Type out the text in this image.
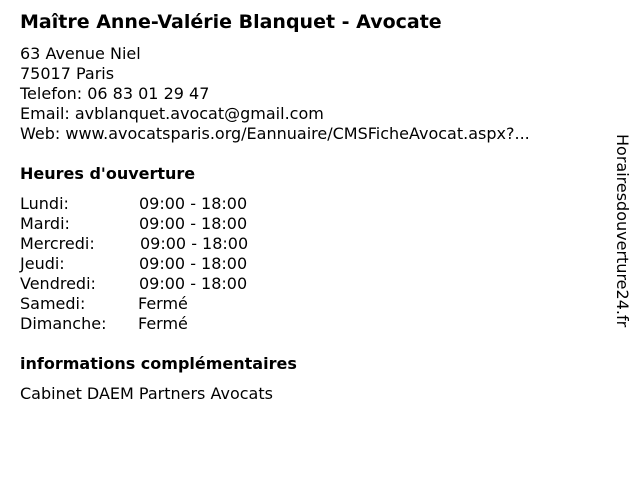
Maître Anne-Valérie Blanquet - Avocate
63 Avenue Niel
75017 Paris
Telefon: 06 83 01 29 47
Email: avblanquet.avocat@gmail.com
Web: www.avocatsparis.org/Eannuaire/CMSFicheAvocat.aspx?...
Heures d'ouverture
Lundi:	09:00 - 18:00
Mardi:	09:00 - 18:00
Mercredi:	09:00 - 18:00
Jeudi:	09:00 - 18:00
Vendredi:	09:00 - 18:00
Samedi:	Fermé
Dimanche: Fermé
informations complémentaires
Cabinet DAEM Partners Avocats
Horairesdouverture24.fr
